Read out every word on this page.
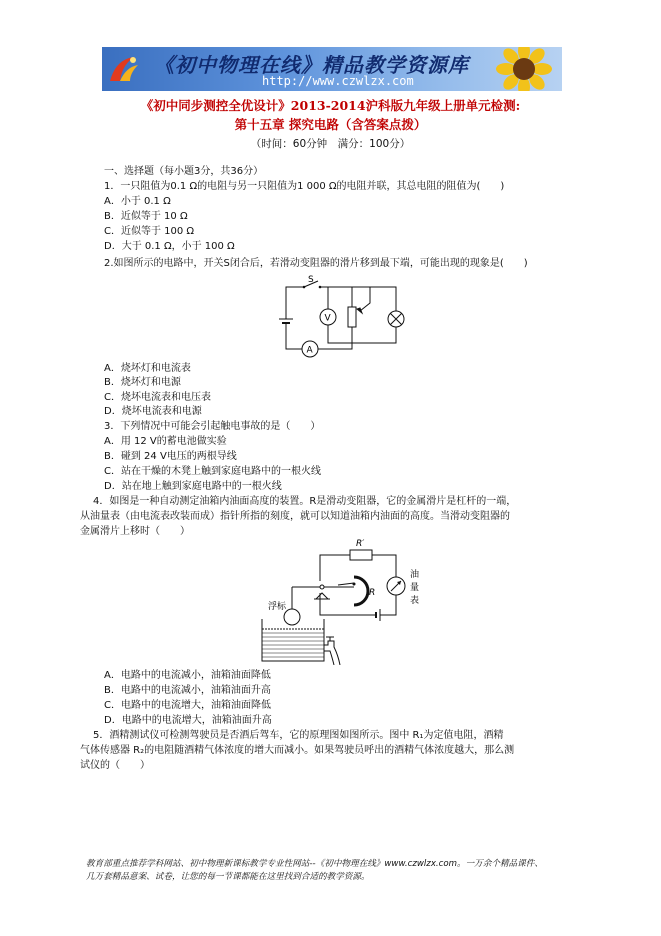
《初中物理在线》精品教学资源库
http://www.czwlzx.com
《初中同步测控全优设计》2013-2014沪科版九年级上册单元检测:
第十五章 探究电路（含答案点拨）
（时间：60分钟　满分：100分）
一、选择题（每小题3分，共36分）
1．一只阻值为0.1 Ω的电阻与另一只阻值为1 000 Ω的电阻并联，其总电阻的阻值为(　　)
A．小于 0.1 Ω
B．近似等于 10 Ω
C．近似等于 100 Ω
D．大于 0.1 Ω，小于 100 Ω
2.如图所示的电路中，开关S闭合后，若滑动变阻器的滑片移到最下端，可能出现的现象是(　　)
S
V
A
A．烧坏灯和电流表
B．烧坏灯和电源
C．烧坏电流表和电压表
D．烧坏电流表和电源
3．下列情况中可能会引起触电事故的是（　　）
A．用 12 V的蓄电池做实验
B．碰到 24 V电压的两根导线
C．站在干燥的木凳上触到家庭电路中的一根火线
D．站在地上触到家庭电路中的一根火线
4．如图是一种自动测定油箱内油面高度的装置。R是滑动变阻器，它的金属滑片是杠杆的一端，
从油量表（由电流表改装而成）指针所指的刻度，就可以知道油箱内油面的高度。当滑动变阻器的
金属滑片上移时（　　）
R′
R
浮标
油
量
表
A．电路中的电流减小，油箱油面降低
B．电路中的电流减小，油箱油面升高
C．电路中的电流增大，油箱油面降低
D．电路中的电流增大，油箱油面升高
5．酒精测试仪可检测驾驶员是否酒后驾车，它的原理图如图所示。图中 R₁为定值电阻，酒精
气体传感器 R₂的电阻随酒精气体浓度的增大而减小。如果驾驶员呼出的酒精气体浓度越大，那么测
试仪的（　　）
教育部重点推荐学科网站、初中物理新课标教学专业性网站--《初中物理在线》www.czwlzx.com。一万余个精品课件、
几万套精品意案、试卷，让您的每一节课都能在这里找到合适的教学资源。
